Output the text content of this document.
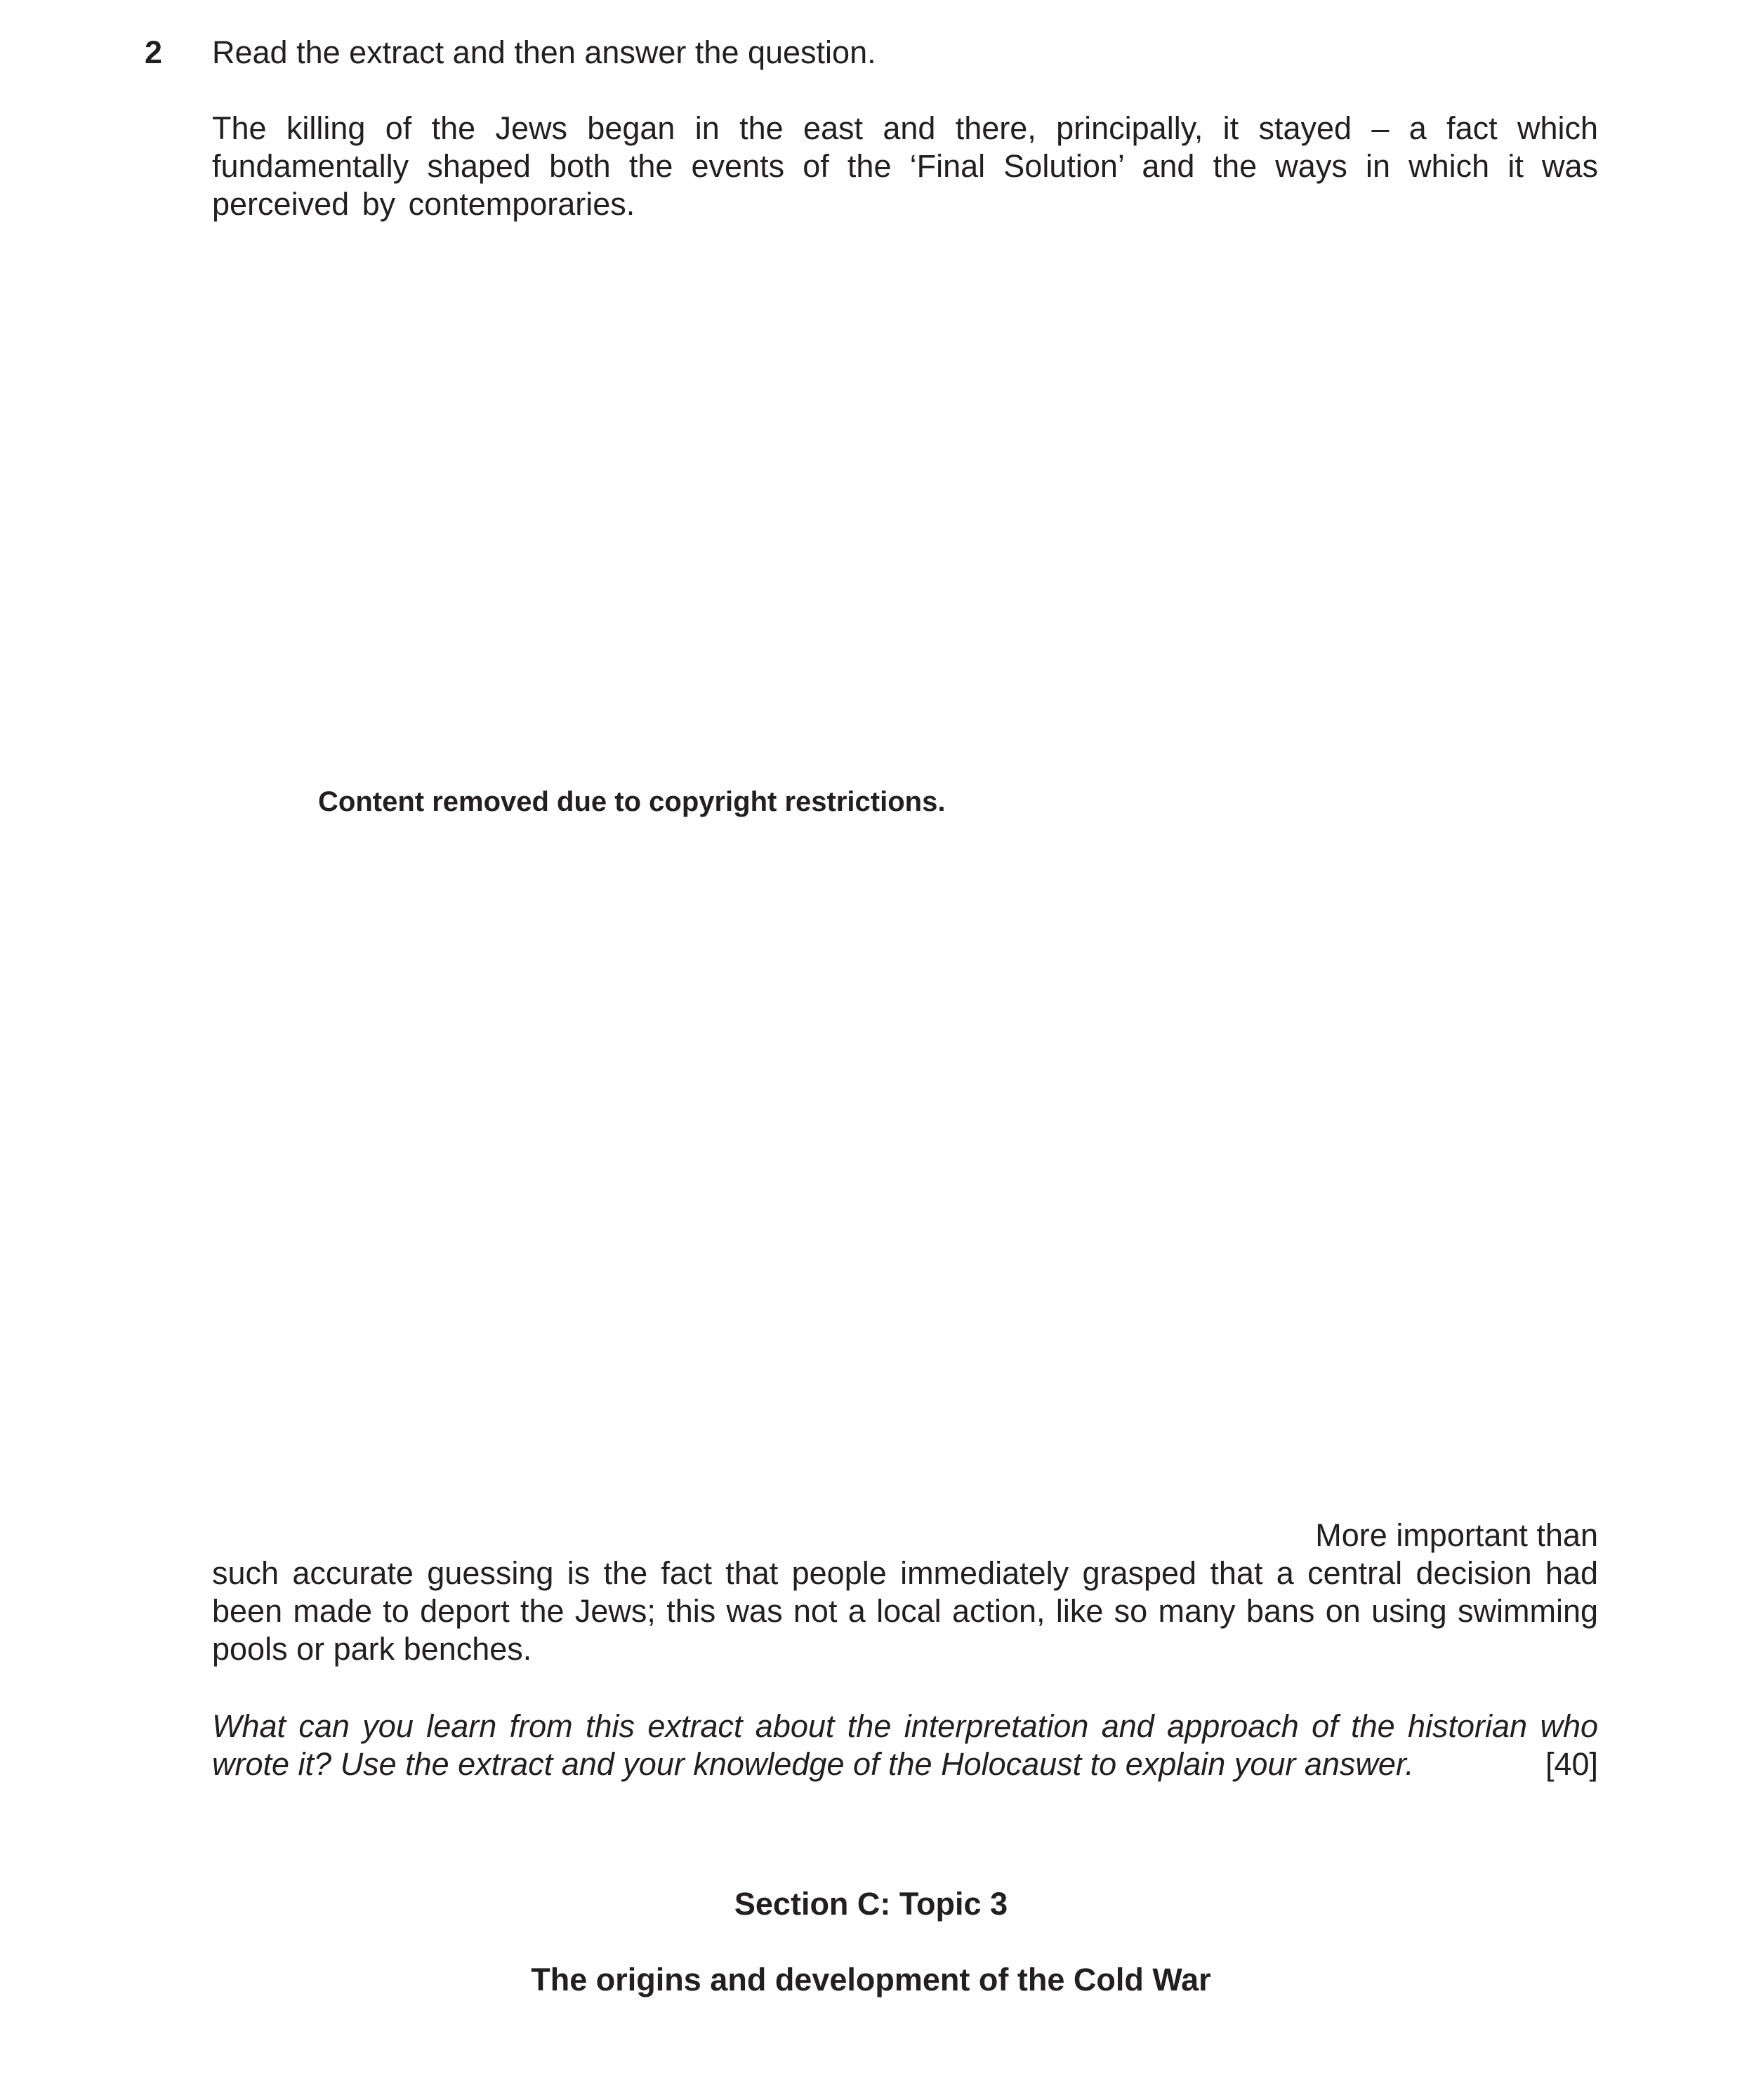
2 Read the extract and then answer the question.
The killing of the Jews began in the east and there, principally, it stayed – a fact which fundamentally shaped both the events of the ‘Final Solution’ and the ways in which it was perceived by contemporaries.
Content removed due to copyright restrictions.
More important than
such accurate guessing is the fact that people immediately grasped that a central decision had been made to deport the Jews; this was not a local action, like so many bans on using swimming pools or park benches.
What can you learn from this extract about the interpretation and approach of the historian who wrote it? Use the extract and your knowledge of the Holocaust to explain your answer.	[40]
Section C: Topic 3
The origins and development of the Cold War
